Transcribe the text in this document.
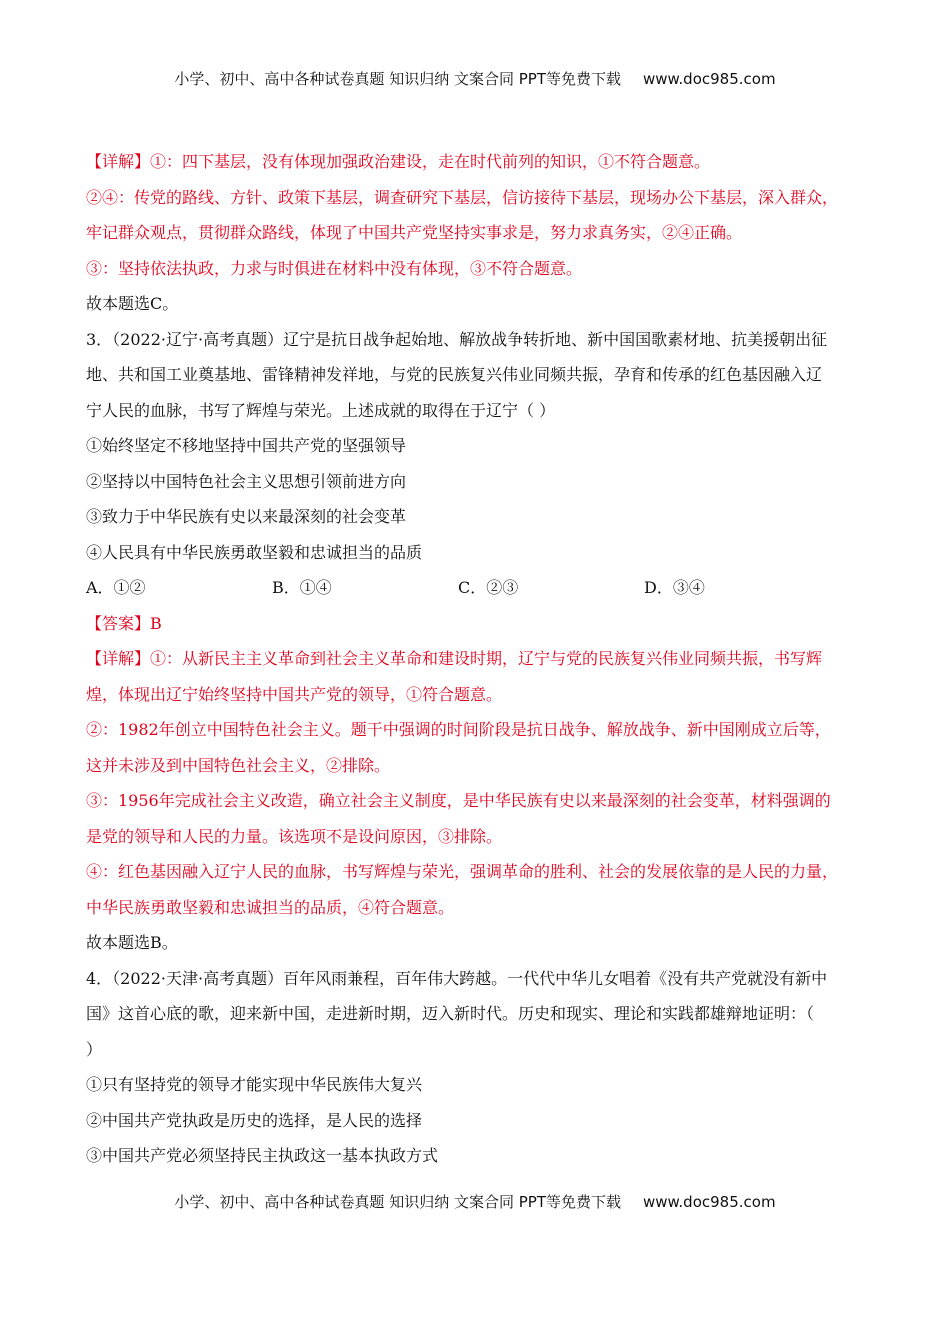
小学、初中、高中各种试卷真题 知识归纳 文案合同 PPT等免费下载 www.doc985.com
【详解】①：四下基层，没有体现加强政治建设，走在时代前列的知识，①不符合题意。
②④：传党的路线、方针、政策下基层，调查研究下基层，信访接待下基层，现场办公下基层，深入群众，
牢记群众观点，贯彻群众路线，体现了中国共产党坚持实事求是，努力求真务实，②④正确。
③：坚持依法执政，力求与时俱进在材料中没有体现，③不符合题意。
故本题选C。
3．（2022·辽宁·高考真题）辽宁是抗日战争起始地、解放战争转折地、新中国国歌素材地、抗美援朝出征
地、共和国工业奠基地、雷锋精神发祥地，与党的民族复兴伟业同频共振，孕育和传承的红色基因融入辽
宁人民的血脉，书写了辉煌与荣光。上述成就的取得在于辽宁（ ）
①始终坚定不移地坚持中国共产党的坚强领导
②坚持以中国特色社会主义思想引领前进方向
③致力于中华民族有史以来最深刻的社会变革
④人民具有中华民族勇敢坚毅和忠诚担当的品质
A．①②	B．①④	C．②③	D．③④
【答案】B
【详解】①：从新民主主义革命到社会主义革命和建设时期，辽宁与党的民族复兴伟业同频共振，书写辉
煌，体现出辽宁始终坚持中国共产党的领导，①符合题意。
②：1982年创立中国特色社会主义。题干中强调的时间阶段是抗日战争、解放战争、新中国刚成立后等，
这并未涉及到中国特色社会主义，②排除。
③：1956年完成社会主义改造，确立社会主义制度，是中华民族有史以来最深刻的社会变革，材料强调的
是党的领导和人民的力量。该选项不是设问原因，③排除。
④：红色基因融入辽宁人民的血脉，书写辉煌与荣光，强调革命的胜利、社会的发展依靠的是人民的力量，
中华民族勇敢坚毅和忠诚担当的品质，④符合题意。
故本题选B。
4．（2022·天津·高考真题）百年风雨兼程，百年伟大跨越。一代代中华儿女唱着《没有共产党就没有新中
国》这首心底的歌，迎来新中国，走进新时期，迈入新时代。历史和现实、理论和实践都雄辩地证明：（
）
①只有坚持党的领导才能实现中华民族伟大复兴
②中国共产党执政是历史的选择，是人民的选择
③中国共产党必须坚持民主执政这一基本执政方式
小学、初中、高中各种试卷真题 知识归纳 文案合同 PPT等免费下载 www.doc985.com
